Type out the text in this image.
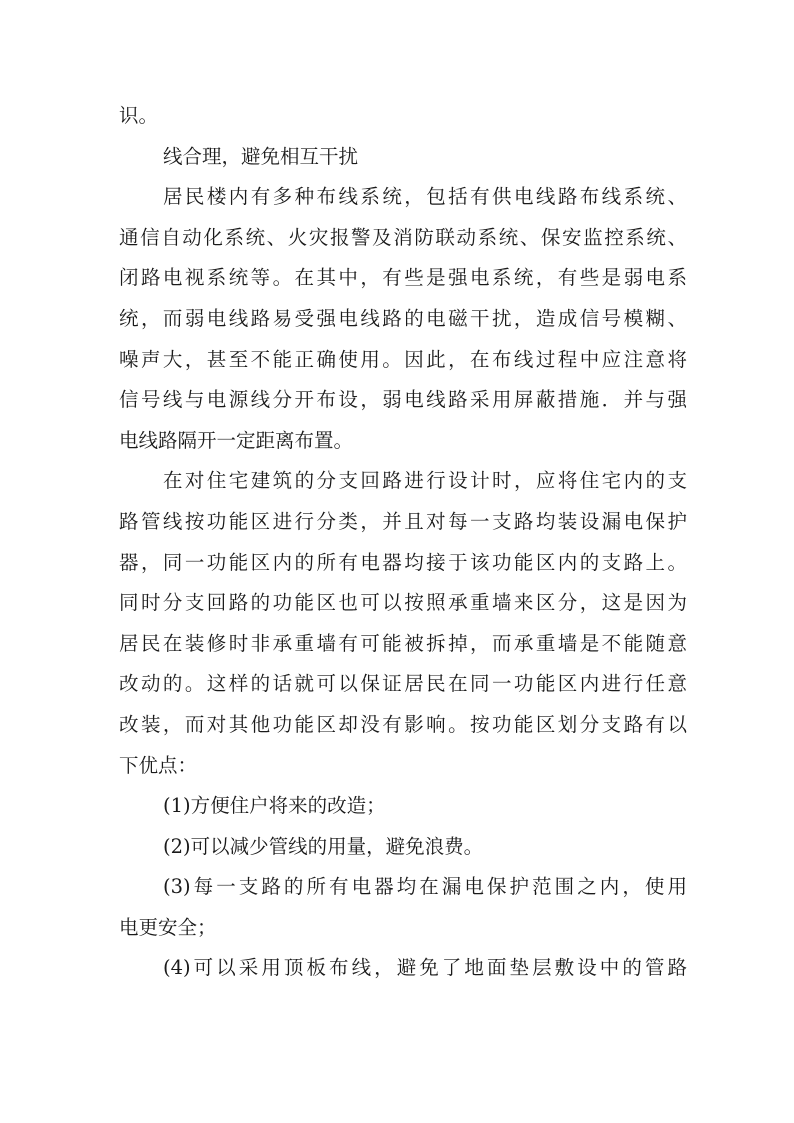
识。
线合理，避免相互干扰
居民楼内有多种布线系统，包括有供电线路布线系统、
通信自动化系统、火灾报警及消防联动系统、保安监控系统、
闭路电视系统等。在其中，有些是强电系统，有些是弱电系
统，而弱电线路易受强电线路的电磁干扰，造成信号模糊、
噪声大，甚至不能正确使用。因此，在布线过程中应注意将
信号线与电源线分开布设，弱电线路采用屏蔽措施．并与强
电线路隔开一定距离布置。
在对住宅建筑的分支回路进行设计时，应将住宅内的支
路管线按功能区进行分类，并且对每一支路均装设漏电保护
器，同一功能区内的所有电器均接于该功能区内的支路上。
同时分支回路的功能区也可以按照承重墙来区分，这是因为
居民在装修时非承重墙有可能被拆掉，而承重墙是不能随意
改动的。这样的话就可以保证居民在同一功能区内进行任意
改装，而对其他功能区却没有影响。按功能区划分支路有以
下优点：
(1)方便住户将来的改造；
(2)可以减少管线的用量，避免浪费。
(3)每一支路的所有电器均在漏电保护范围之内，使用
电更安全；
(4)可以采用顶板布线，避免了地面垫层敷设中的管路
